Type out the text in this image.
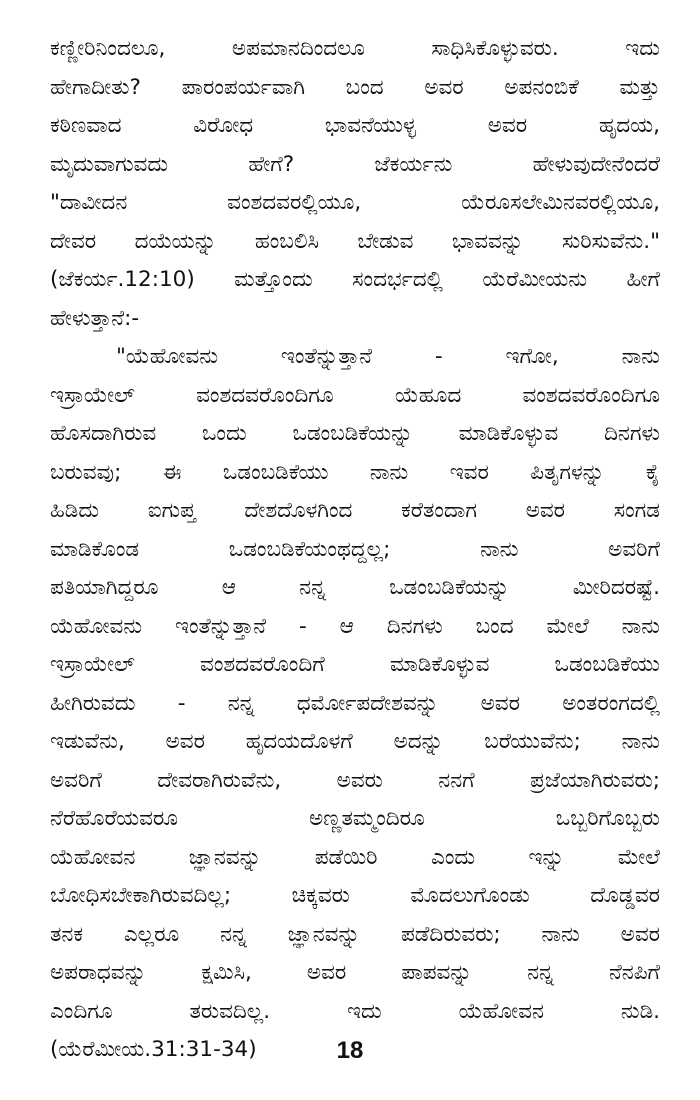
ಕಣ್ಣೀರಿನಿಂದಲೂ, ಅಪಮಾನದಿಂದಲೂ ಸಾಧಿಸಿಕೊಳ್ಳುವರು. ಇದು
ಹೇಗಾದೀತು? ಪಾರಂಪರ್ಯವಾಗಿ ಬಂದ ಅವರ ಅಪನಂಬಿಕೆ ಮತ್ತು
ಕಠಿಣವಾದ ವಿರೋಧ ಭಾವನೆಯುಳ್ಳ ಅವರ ಹೃದಯ,
ಮೃದುವಾಗುವದು ಹೇಗೆ? ಜೆಕರ್ಯನು ಹೇಳುವುದೇನೆಂದರೆ
"ದಾವೀದನ ವಂಶದವರಲ್ಲಿಯೂ, ಯೆರೂಸಲೇಮಿನವರಲ್ಲಿಯೂ,
ದೇವರ ದಯೆಯನ್ನು ಹಂಬಲಿಸಿ ಬೇಡುವ ಭಾವವನ್ನು ಸುರಿಸುವೆನು."
(ಜೆಕರ್ಯ.12:10) ಮತ್ತೊಂದು ಸಂದರ್ಭದಲ್ಲಿ ಯೆರೆಮೀಯನು ಹೀಗೆ
ಹೇಳುತ್ತಾನೆ:-
"ಯೆಹೋವನು ಇಂತೆನ್ನುತ್ತಾನೆ - ಇಗೋ, ನಾನು
ಇಸ್ರಾಯೇಲ್ ವಂಶದವರೊಂದಿಗೂ ಯೆಹೂದ ವಂಶದವರೊಂದಿಗೂ
ಹೊಸದಾಗಿರುವ ಒಂದು ಒಡಂಬಡಿಕೆಯನ್ನು ಮಾಡಿಕೊಳ್ಳುವ ದಿನಗಳು
ಬರುವವು; ಈ ಒಡಂಬಡಿಕೆಯು ನಾನು ಇವರ ಪಿತೃಗಳನ್ನು ಕೈ
ಹಿಡಿದು ಐಗುಪ್ತ ದೇಶದೊಳಗಿಂದ ಕರೆತಂದಾಗ ಅವರ ಸಂಗಡ
ಮಾಡಿಕೊಂಡ ಒಡಂಬಡಿಕೆಯಂಥದ್ದಲ್ಲ; ನಾನು ಅವರಿಗೆ
ಪತಿಯಾಗಿದ್ದರೂ ಆ ನನ್ನ ಒಡಂಬಡಿಕೆಯನ್ನು ಮೀರಿದರಷ್ಟೆ.
ಯೆಹೋವನು ಇಂತೆನ್ನುತ್ತಾನೆ - ಆ ದಿನಗಳು ಬಂದ ಮೇಲೆ ನಾನು
ಇಸ್ರಾಯೇಲ್ ವಂಶದವರೊಂದಿಗೆ ಮಾಡಿಕೊಳ್ಳುವ ಒಡಂಬಡಿಕೆಯು
ಹೀಗಿರುವದು - ನನ್ನ ಧರ್ಮೋಪದೇಶವನ್ನು ಅವರ ಅಂತರಂಗದಲ್ಲಿ
ಇಡುವೆನು, ಅವರ ಹೃದಯದೊಳಗೆ ಅದನ್ನು ಬರೆಯುವೆನು; ನಾನು
ಅವರಿಗೆ ದೇವರಾಗಿರುವೆನು, ಅವರು ನನಗೆ ಪ್ರಜೆಯಾಗಿರುವರು;
ನೆರೆಹೊರೆಯವರೂ ಅಣ್ಣತಮ್ಮಂದಿರೂ ಒಬ್ಬರಿಗೊಬ್ಬರು
ಯೆಹೋವನ ಜ್ಞಾನವನ್ನು ಪಡೆಯಿರಿ ಎಂದು ಇನ್ನು ಮೇಲೆ
ಬೋಧಿಸಬೇಕಾಗಿರುವದಿಲ್ಲ; ಚಿಕ್ಕವರು ಮೊದಲುಗೊಂಡು ದೊಡ್ಡವರ
ತನಕ ಎಲ್ಲರೂ ನನ್ನ ಜ್ಞಾನವನ್ನು ಪಡೆದಿರುವರು; ನಾನು ಅವರ
ಅಪರಾಧವನ್ನು ಕ್ಷಮಿಸಿ, ಅವರ ಪಾಪವನ್ನು ನನ್ನ ನೆನಪಿಗೆ
ಎಂದಿಗೂ ತರುವದಿಲ್ಲ. ಇದು ಯೆಹೋವನ ನುಡಿ.
(ಯೆರೆಮೀಯ.31:31-34)	18
